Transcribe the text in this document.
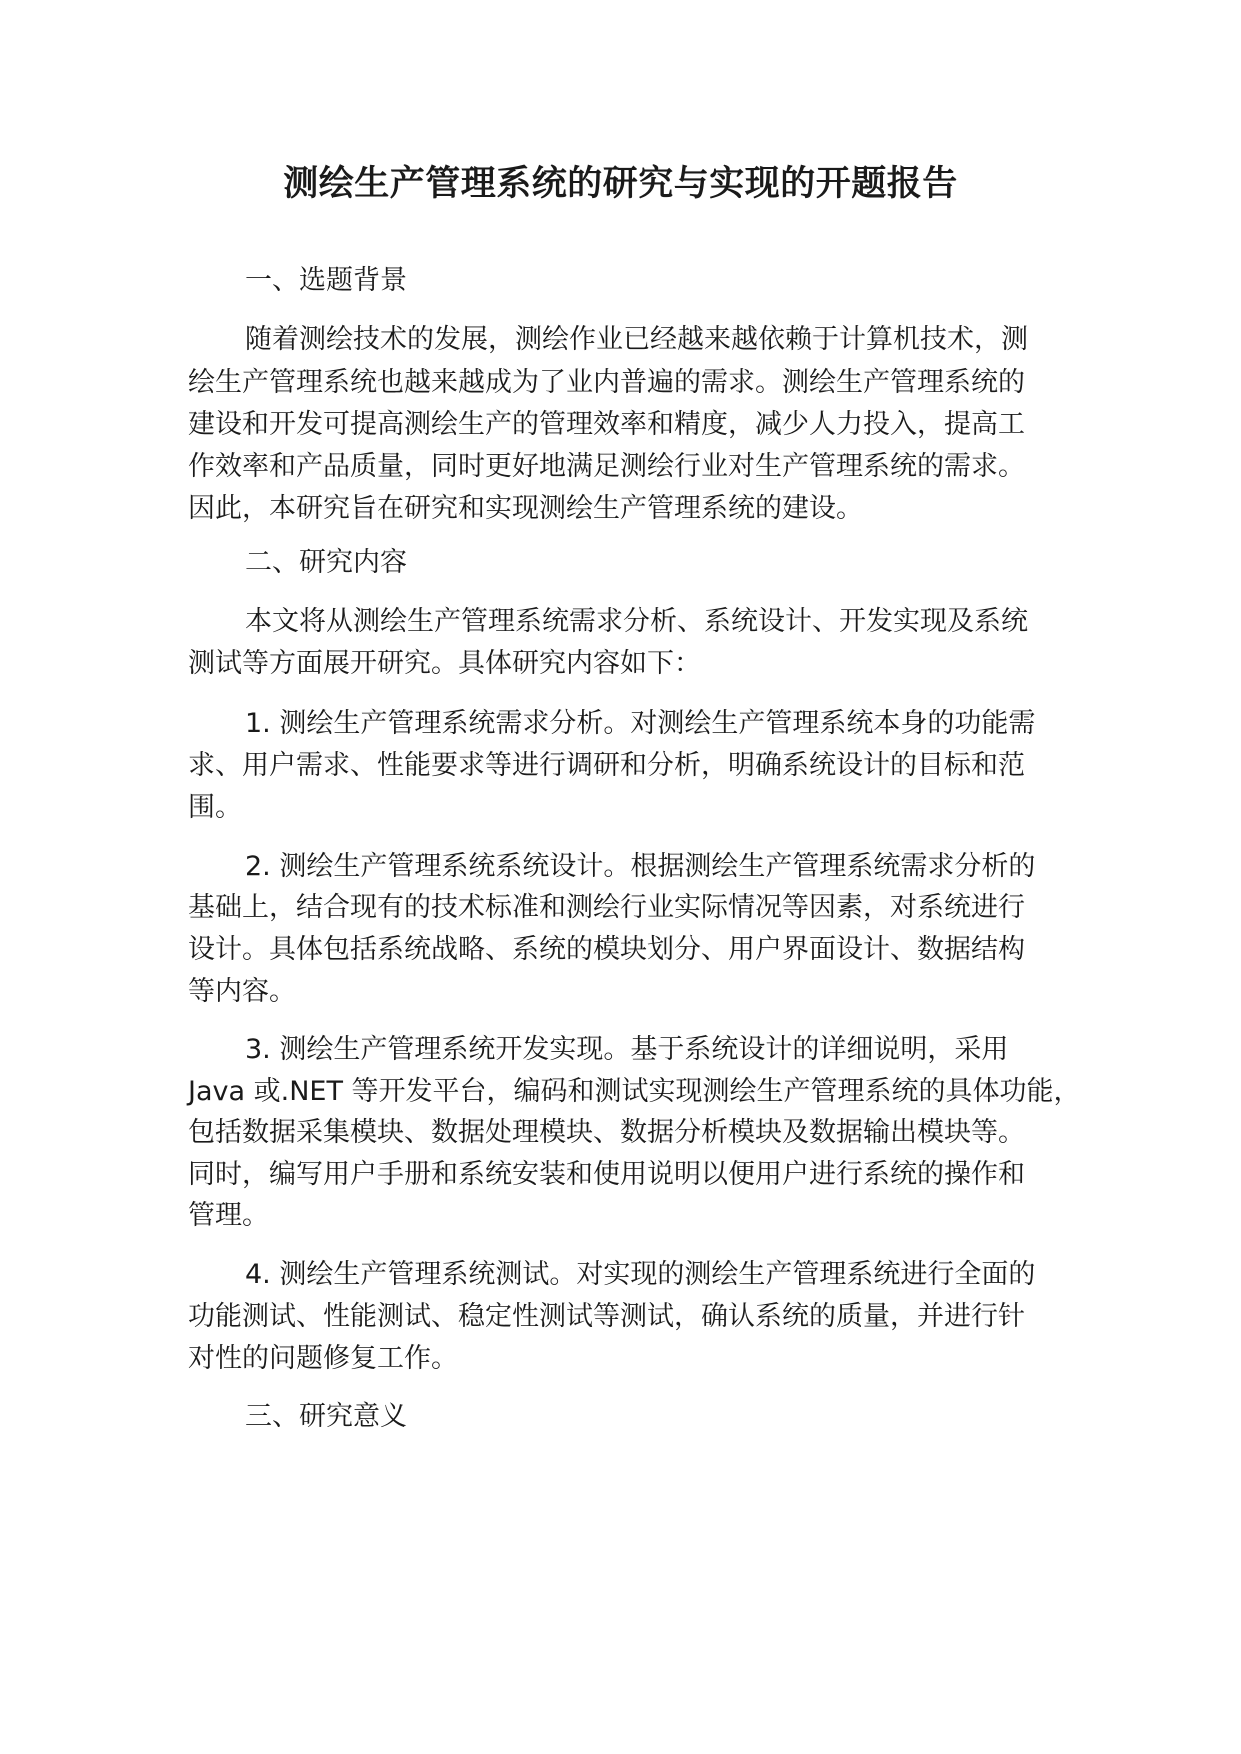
测绘生产管理系统的研究与实现的开题报告
一、选题背景
随着测绘技术的发展，测绘作业已经越来越依赖于计算机技术，测
绘生产管理系统也越来越成为了业内普遍的需求。测绘生产管理系统的
建设和开发可提高测绘生产的管理效率和精度，减少人力投入，提高工
作效率和产品质量，同时更好地满足测绘行业对生产管理系统的需求。
因此，本研究旨在研究和实现测绘生产管理系统的建设。
二、研究内容
本文将从测绘生产管理系统需求分析、系统设计、开发实现及系统
测试等方面展开研究。具体研究内容如下：
1. 测绘生产管理系统需求分析。对测绘生产管理系统本身的功能需
求、用户需求、性能要求等进行调研和分析，明确系统设计的目标和范
围。
2. 测绘生产管理系统系统设计。根据测绘生产管理系统需求分析的
基础上，结合现有的技术标准和测绘行业实际情况等因素，对系统进行
设计。具体包括系统战略、系统的模块划分、用户界面设计、数据结构
等内容。
3. 测绘生产管理系统开发实现。基于系统设计的详细说明，采用
Java 或.NET 等开发平台，编码和测试实现测绘生产管理系统的具体功能，
包括数据采集模块、数据处理模块、数据分析模块及数据输出模块等。
同时，编写用户手册和系统安装和使用说明以便用户进行系统的操作和
管理。
4. 测绘生产管理系统测试。对实现的测绘生产管理系统进行全面的
功能测试、性能测试、稳定性测试等测试，确认系统的质量，并进行针
对性的问题修复工作。
三、研究意义
